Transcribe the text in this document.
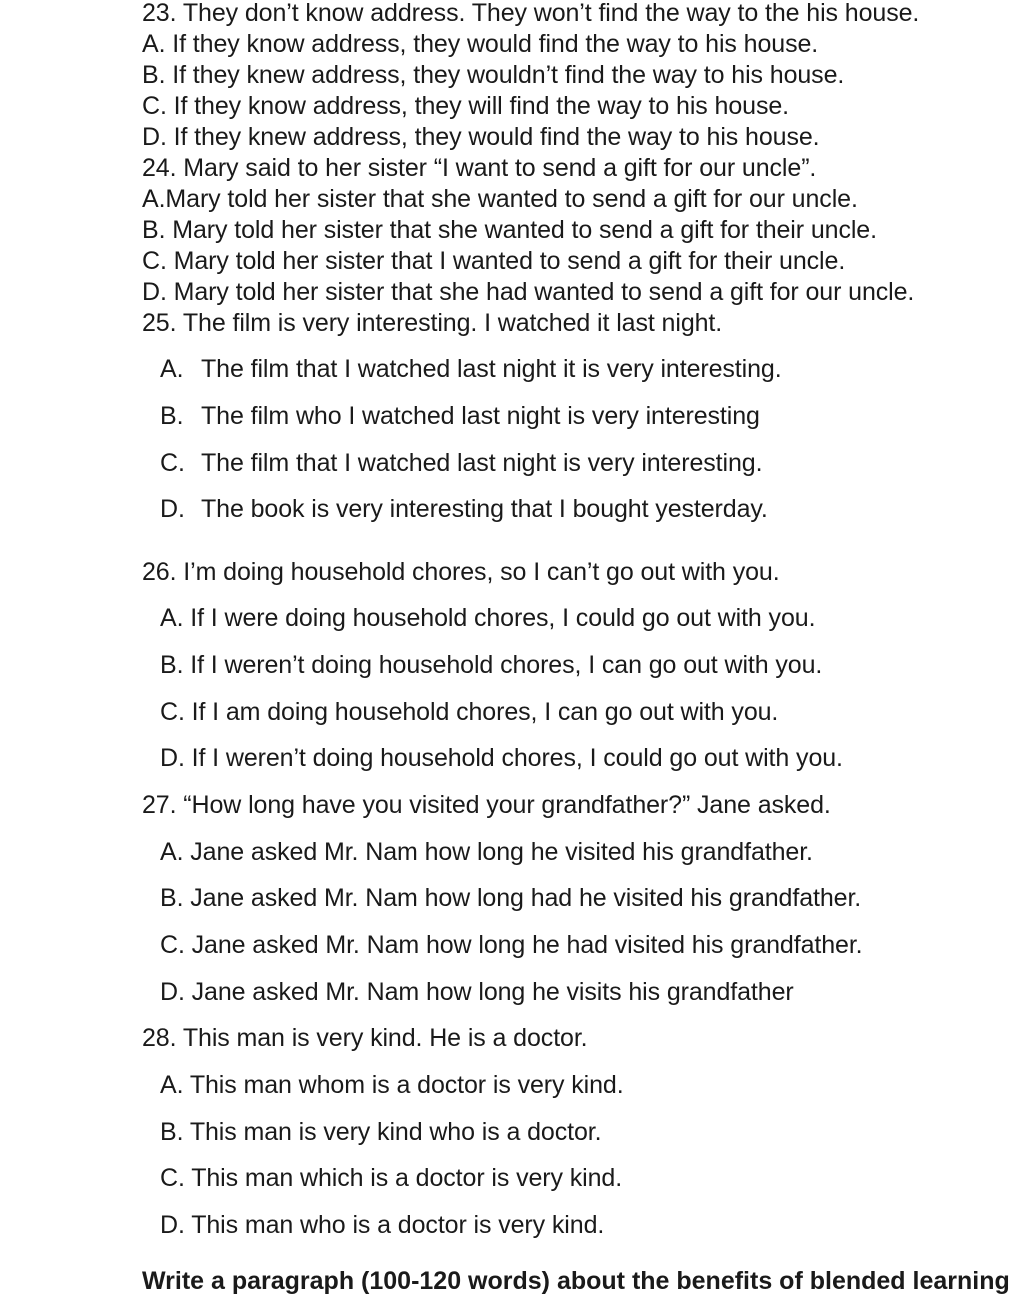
23. They don’t know address. They won’t find the way to the his house.
A. If they know address, they would find the way to his house.
B. If they knew address, they wouldn’t find the way to his house.
C. If they know address, they will find the way to his house.
D. If they knew address, they would find the way to his house.
24. Mary said to her sister “I want to send a gift for our uncle”.
A.Mary told her sister that she wanted to send a gift for our uncle.
B. Mary told her sister that she wanted to send a gift for their uncle.
C. Mary told her sister that I wanted to send a gift for their uncle.
D. Mary told her sister that she had wanted to send a gift for our uncle.
25. The film is very interesting. I watched it last night.
A. The film that I watched last night it is very interesting.
B. The film who I watched last night is very interesting
C. The film that I watched last night is very interesting.
D. The book is very interesting that I bought yesterday.
26. I’m doing household chores, so I can’t go out with you.
A. If I were doing household chores, I could go out with you.
B. If I weren’t doing household chores, I can go out with you.
C. If I am doing household chores, I can go out with you.
D. If I weren’t doing household chores, I could go out with you.
27. “How long have you visited your grandfather?” Jane asked.
A. Jane asked Mr. Nam how long he visited his grandfather.
B. Jane asked Mr. Nam how long had he visited his grandfather.
C. Jane asked Mr. Nam how long he had visited his grandfather.
D. Jane asked Mr. Nam how long he visits his grandfather
28. This man is very kind. He is a doctor.
A. This man whom is a doctor is very kind.
B. This man is very kind who is a doctor.
C. This man which is a doctor is very kind.
D. This man who is a doctor is very kind.
Write a paragraph (100-120 words) about the benefits of blended learning
